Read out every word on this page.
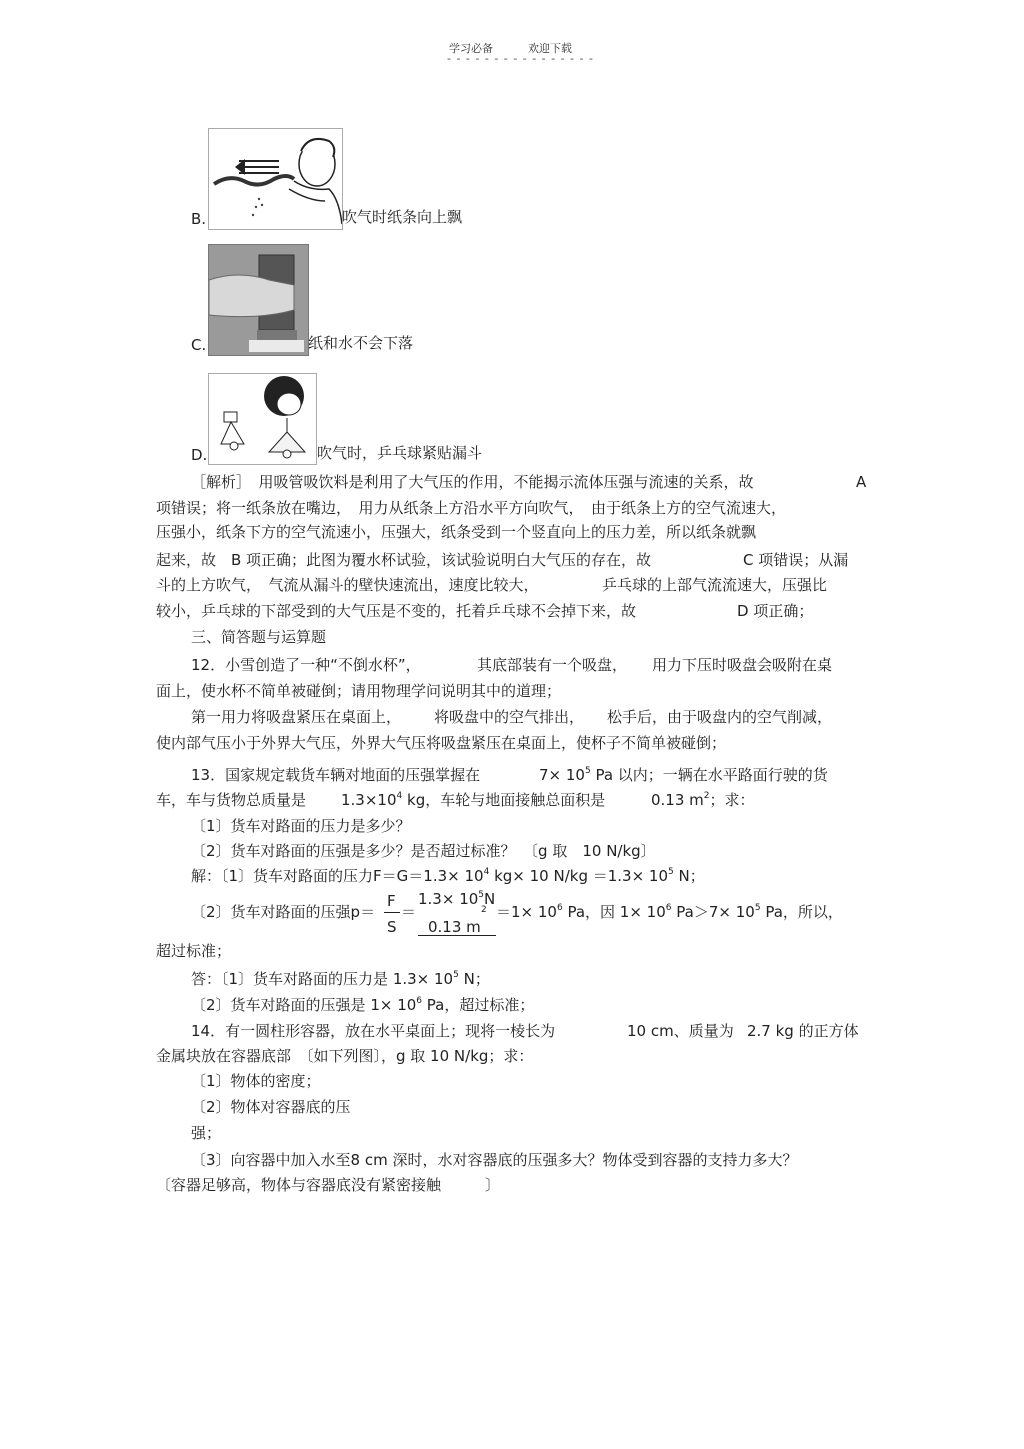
学习必备	欢迎下载
- - - - - - - - - - - - - - - -
B.	吹气时纸条向上飘
C.	纸和水不会下落
D.	吹气时，乒乓球紧贴漏斗
［解析］　用吸管吸饮料是利用了大气压的作用，不能揭示流体压强与流速的关系，故	A
项错误；将一纸条放在嘴边，　用力从纸条上方沿水平方向吹气，　由于纸条上方的空气流速大，
压强小，纸条下方的空气流速小，压强大，纸条受到一个竖直向上的压力差，所以纸条就飘
起来，故　B 项正确；此图为覆水杯试验，该试验说明白大气压的存在，故	C 项错误；从漏
斗的上方吹气，　气流从漏斗的壁快速流出，速度比较大，	乒乓球的上部气流流速大，压强比
较小，乒乓球的下部受到的大气压是不变的，托着乒乓球不会掉下来，故	D 项正确；
三、简答题与运算题
12．小雪创造了一种“不倒水杯”，	其底部装有一个吸盘， 用力下压时吸盘会吸附在桌
面上，使水杯不简单被碰倒；请用物理学问说明其中的道理；
第一用力将吸盘紧压在桌面上， 将吸盘中的空气排出， 松手后，由于吸盘内的空气削减，
使内部气压小于外界大气压，外界大气压将吸盘紧压在桌面上，使杯子不简单被碰倒；
13．国家规定载货车辆对地面的压强掌握在	$7\times 10^5$ Pa 以内；一辆在水平路面行驶的货
车，车与货物总质量是 $1.3\times 10^4$ kg，车轮与地面接触总面积是	0.13 $m^2$；求：
〔1〕货车对路面的压力是多少？
〔2〕货车对路面的压强是多少？是否超过标准？　〔g 取　10 N/kg〕
解：〔1〕货车对路面的压力$F=G=1.3\times 10^4$ kg× 10 $N/kg =1.3\times 10^5$ N；
〔2〕货车对路面的压强p＝
F
S
＝
$1.3\times 10^5N$
2
0.13 m
$=1\times 10^6$ Pa，因 $1\times 10^6$ $Pa>7\times 10^5$ Pa，所以，
超过标准；
答：〔1〕货车对路面的压力是 $1.3\times 10^5$ N；
〔2〕货车对路面的压强是 $1\times 10^6$ Pa，超过标准；
14．有一圆柱形容器，放在水平桌面上；现将一棱长为	10 cm、质量为 2.7 kg 的正方体
金属块放在容器底部　〔如下列图〕，g 取 10 N/kg；求：
〔1〕物体的密度；
〔2〕物体对容器底的压
强；
〔3〕向容器中加入水至8 cm 深时，水对容器底的压强多大？物体受到容器的支持力多大？
〔容器足够高，物体与容器底没有紧密接触	〕
